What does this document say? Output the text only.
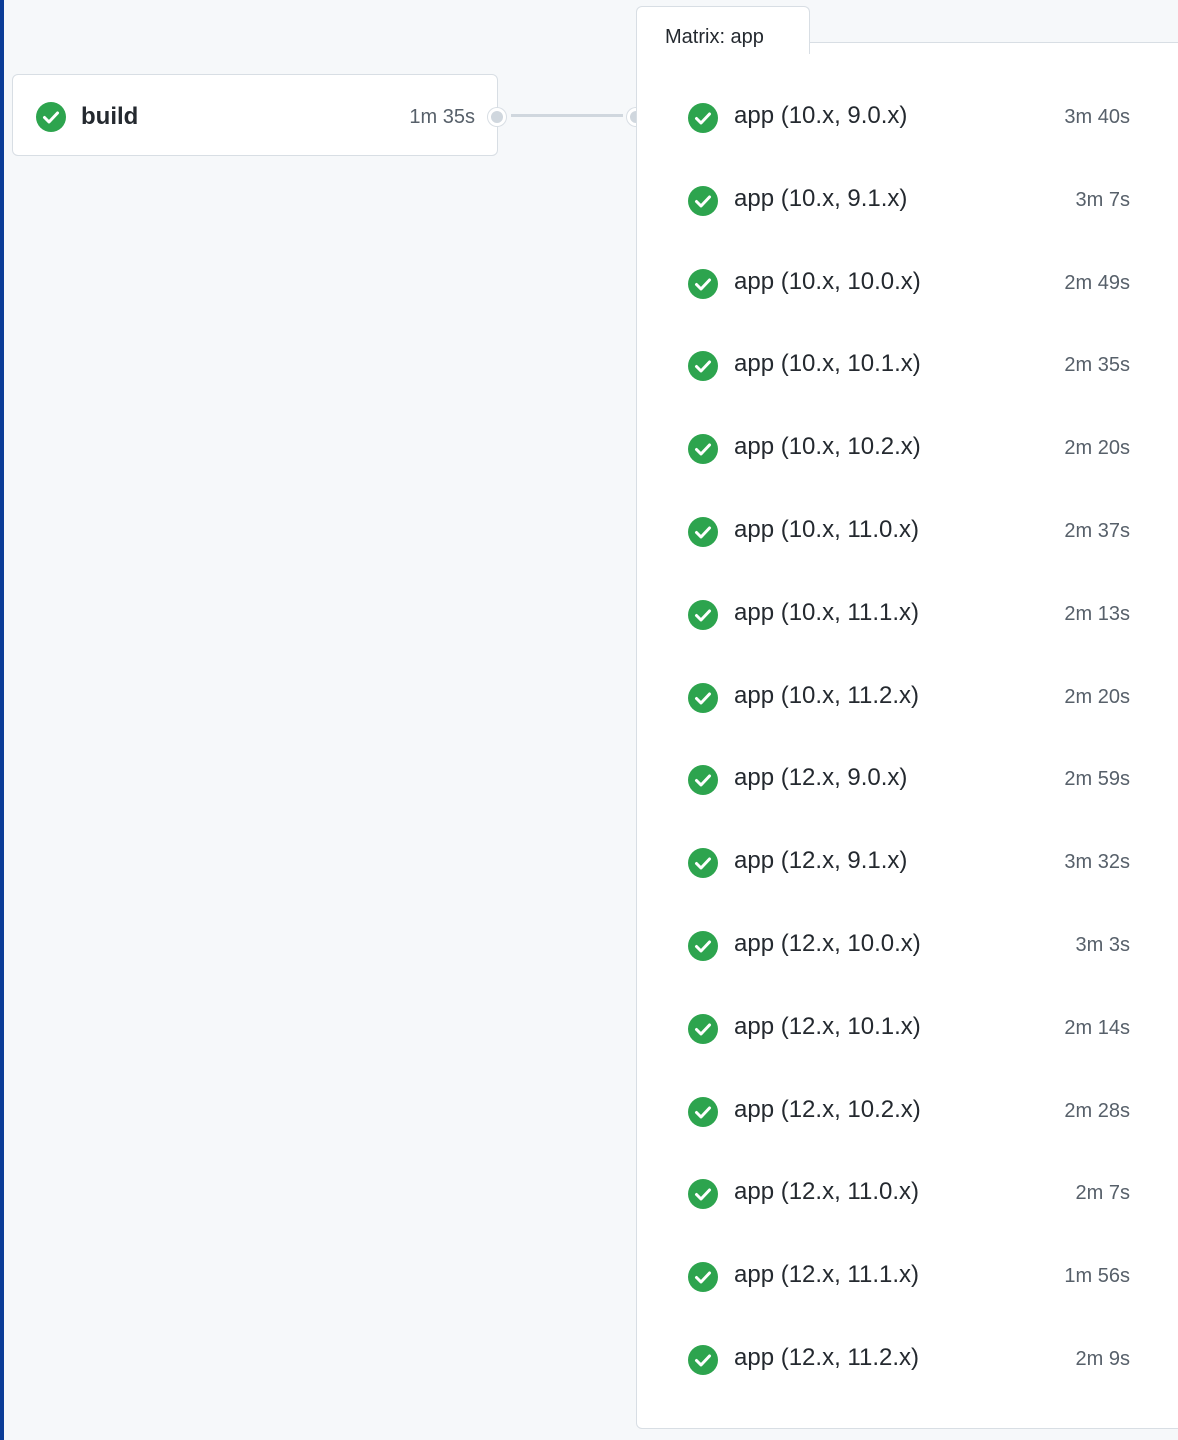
build	1m 35s
Matrix: app
app (10.x, 9.0.x)	3m 40s
app (10.x, 9.1.x)	3m 7s
app (10.x, 10.0.x)	2m 49s
app (10.x, 10.1.x)	2m 35s
app (10.x, 10.2.x)	2m 20s
app (10.x, 11.0.x)	2m 37s
app (10.x, 11.1.x)	2m 13s
app (10.x, 11.2.x)	2m 20s
app (12.x, 9.0.x)	2m 59s
app (12.x, 9.1.x)	3m 32s
app (12.x, 10.0.x)	3m 3s
app (12.x, 10.1.x)	2m 14s
app (12.x, 10.2.x)	2m 28s
app (12.x, 11.0.x)	2m 7s
app (12.x, 11.1.x)	1m 56s
app (12.x, 11.2.x)	2m 9s
